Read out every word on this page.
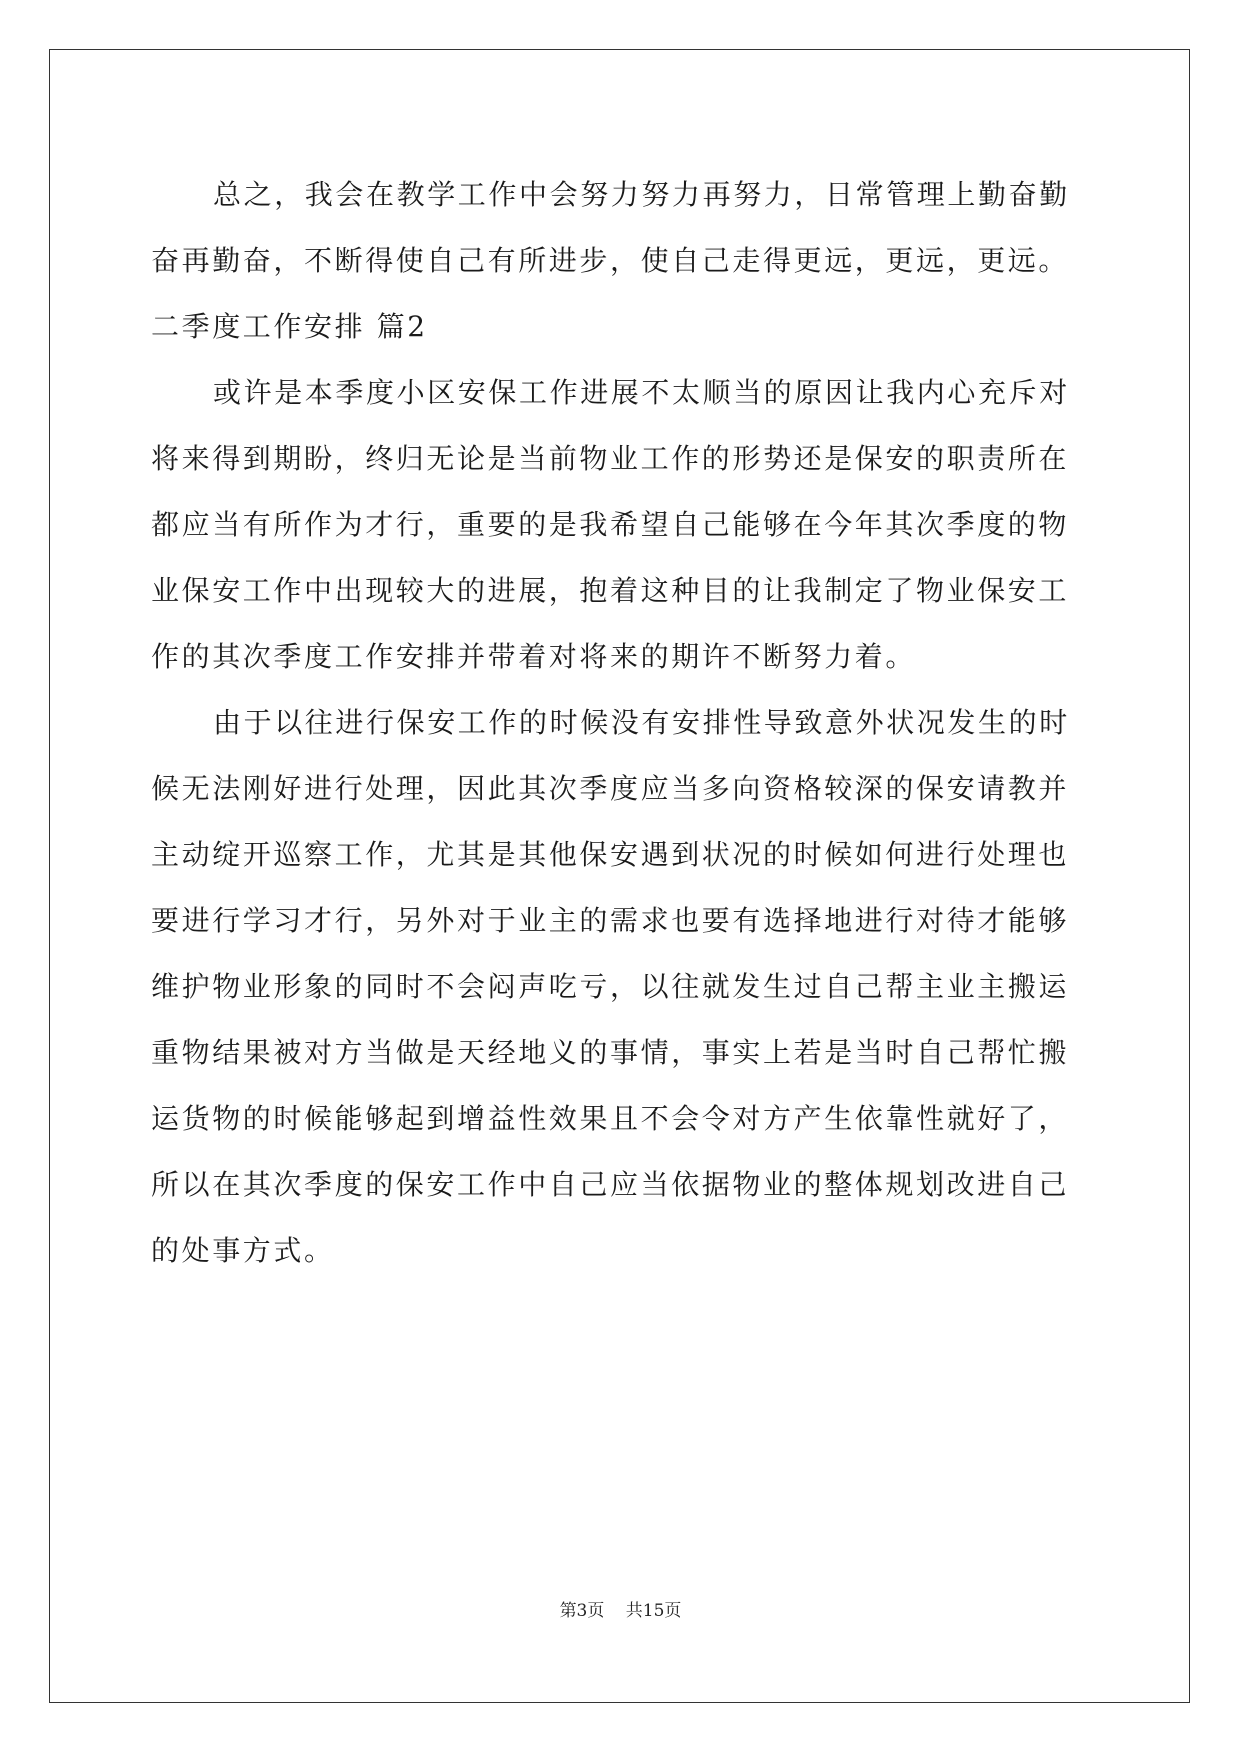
总之，我会在教学工作中会努力努力再努力，日常管理上勤奋勤
奋再勤奋，不断得使自己有所进步，使自己走得更远，更远，更远。
二季度工作安排 篇2
或许是本季度小区安保工作进展不太顺当的原因让我内心充斥对
将来得到期盼，终归无论是当前物业工作的形势还是保安的职责所在
都应当有所作为才行，重要的是我希望自己能够在今年其次季度的物
业保安工作中出现较大的进展，抱着这种目的让我制定了物业保安工
作的其次季度工作安排并带着对将来的期许不断努力着。
由于以往进行保安工作的时候没有安排性导致意外状况发生的时
候无法刚好进行处理，因此其次季度应当多向资格较深的保安请教并
主动绽开巡察工作，尤其是其他保安遇到状况的时候如何进行处理也
要进行学习才行，另外对于业主的需求也要有选择地进行对待才能够
维护物业形象的同时不会闷声吃亏，以往就发生过自己帮主业主搬运
重物结果被对方当做是天经地义的事情，事实上若是当时自己帮忙搬
运货物的时候能够起到增益性效果且不会令对方产生依靠性就好了，
所以在其次季度的保安工作中自己应当依据物业的整体规划改进自己
的处事方式。
第3页 共15页
